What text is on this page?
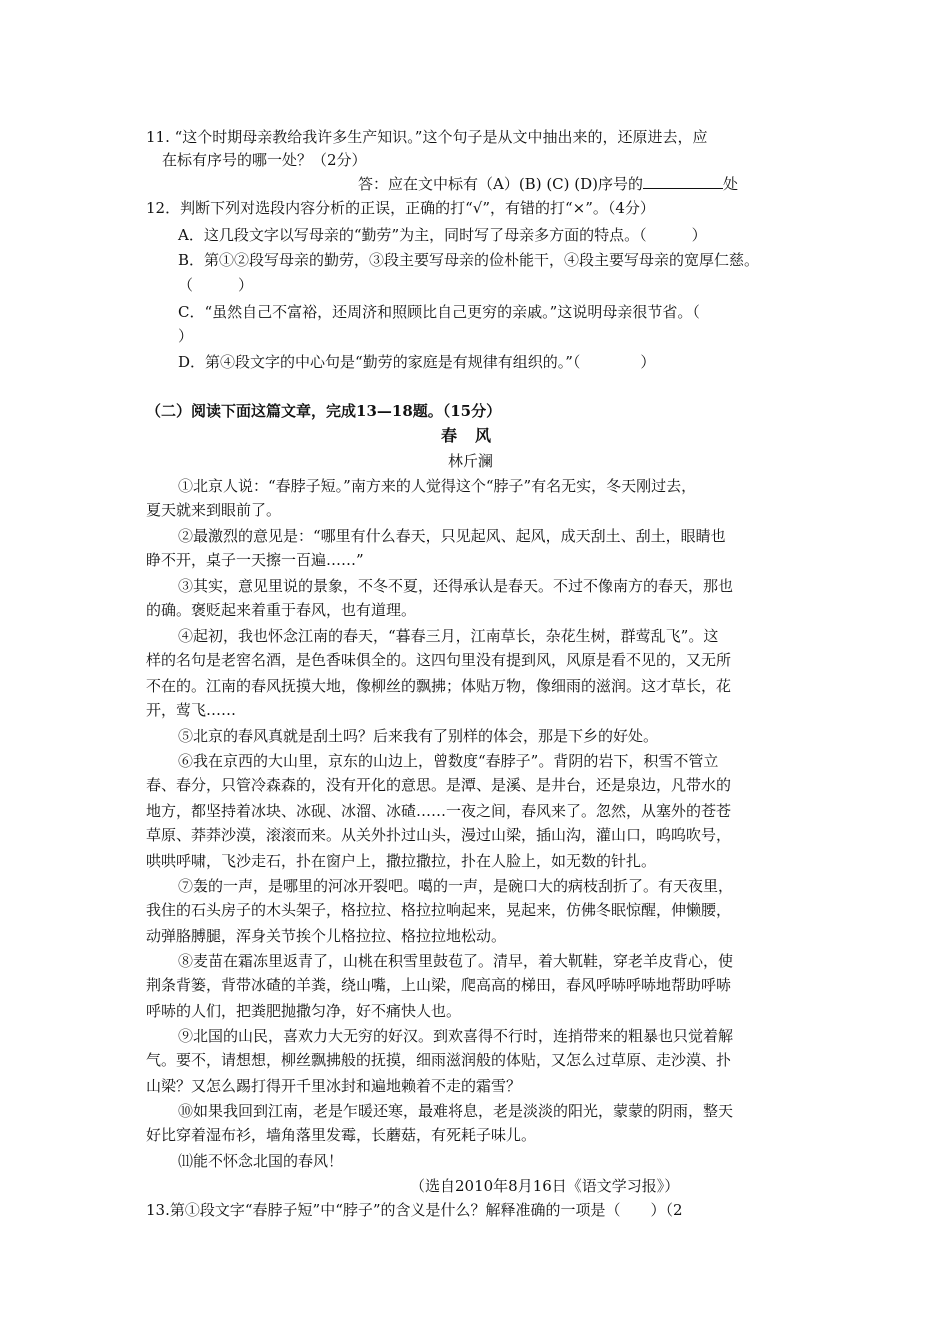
11. “这个时期母亲教给我许多生产知识。”这个句子是从文中抽出来的，还原进去，应
在标有序号的哪一处？（2分）
答：应在文中标有（A）(B) (C) (D)序号的	处
12．判断下列对选段内容分析的正误，正确的打“√”，有错的打“×”。（4分）
A．这几段文字以写母亲的“勤劳”为主，同时写了母亲多方面的特点。（　　　）
B．第①②段写母亲的勤劳，③段主要写母亲的俭朴能干，④段主要写母亲的宽厚仁慈。
（　　　）
C．“虽然自己不富裕，还周济和照顾比自己更穷的亲戚。”这说明母亲很节省。（
）
D．第④段文字的中心句是“勤劳的家庭是有规律有组织的。”（　　　　）
（二）阅读下面这篇文章，完成13—18题。（15分）
春风
林斤澜
①北京人说：“春脖子短。”南方来的人觉得这个“脖子”有名无实，冬天刚过去，
夏天就来到眼前了。
②最激烈的意见是：“哪里有什么春天，只见起风、起风，成天刮土、刮土，眼睛也
睁不开，桌子一天擦一百遍……”
③其实，意见里说的景象，不冬不夏，还得承认是春天。不过不像南方的春天，那也
的确。褒贬起来着重于春风，也有道理。
④起初，我也怀念江南的春天，“暮春三月，江南草长，杂花生树，群莺乱飞”。这
样的名句是老窖名酒，是色香味俱全的。这四句里没有提到风，风原是看不见的，又无所
不在的。江南的春风抚摸大地，像柳丝的飘拂；体贴万物，像细雨的滋润。这才草长，花
开，莺飞……
⑤北京的春风真就是刮土吗？后来我有了别样的体会，那是下乡的好处。
⑥我在京西的大山里，京东的山边上，曾数度“春脖子”。背阴的岩下，积雪不管立
春、春分，只管冷森森的，没有开化的意思。是潭、是溪、是井台，还是泉边，凡带水的
地方，都坚持着冰块、冰砚、冰溜、冰碴……一夜之间，春风来了。忽然，从塞外的苍苍
草原、莽莽沙漠，滚滚而来。从关外扑过山头，漫过山梁，插山沟，灌山口，呜呜吹号，
哄哄呼啸，飞沙走石，扑在窗户上，撒拉撒拉，扑在人脸上，如无数的针扎。
⑦轰的一声，是哪里的河冰开裂吧。噶的一声，是碗口大的病枝刮折了。有天夜里，
我住的石头房子的木头架子，格拉拉、格拉拉响起来，晃起来，仿佛冬眠惊醒，伸懒腰，
动弹胳膊腿，浑身关节挨个儿格拉拉、格拉拉地松动。
⑧麦苗在霜冻里返青了，山桃在积雪里鼓苞了。清早，着大靰鞋，穿老羊皮背心，使
荆条背篓，背带冰碴的羊粪，绕山嘴，上山梁，爬高高的梯田，春风呼哧呼哧地帮助呼哧
呼哧的人们，把粪肥抛撒匀净，好不痛快人也。
⑨北国的山民，喜欢力大无穷的好汉。到欢喜得不行时，连捎带来的粗暴也只觉着解
气。要不，请想想，柳丝飘拂般的抚摸，细雨滋润般的体贴，又怎么过草原、走沙漠、扑
山梁？又怎么踢打得开千里冰封和遍地赖着不走的霜雪？
⑩如果我回到江南，老是乍暖还寒，最难将息，老是淡淡的阳光，蒙蒙的阴雨，整天
好比穿着湿布衫，墙角落里发霉，长蘑菇，有死耗子味儿。
⑾能不怀念北国的春风！
（选自2010年8月16日《语文学习报》）
13.第①段文字“春脖子短”中“脖子”的含义是什么？解释准确的一项是（　　）（2
